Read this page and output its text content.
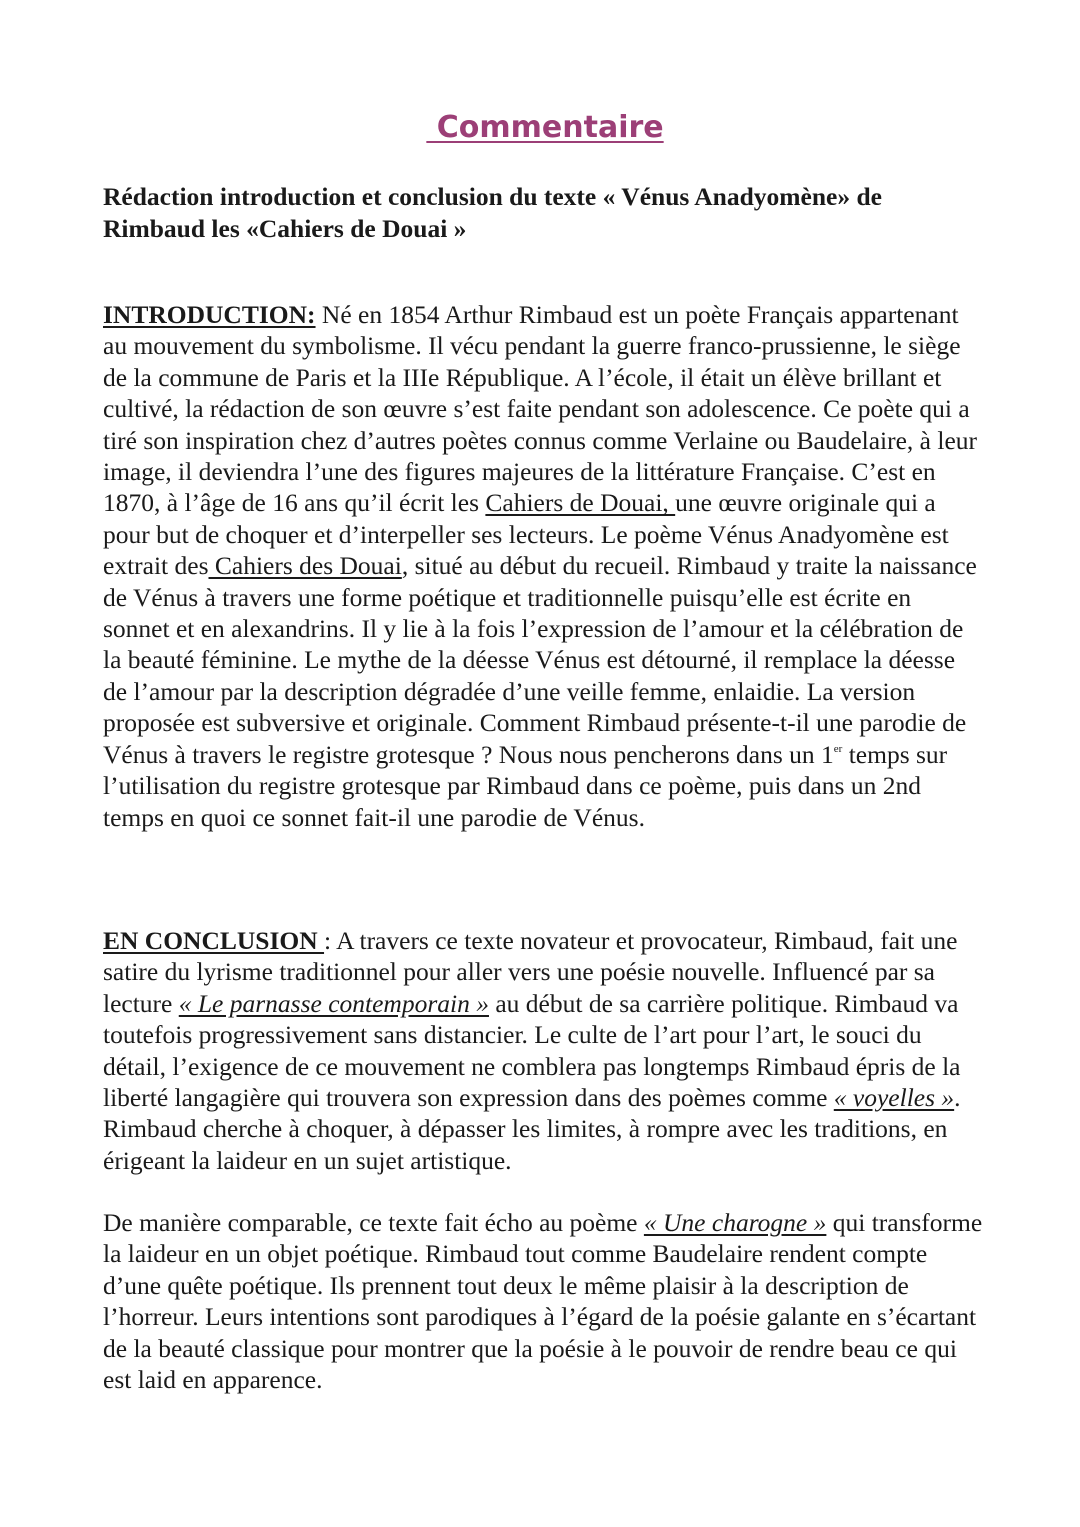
Commentaire

Rédaction introduction et conclusion du texte « Vénus Anadyomène» de Rimbaud les «Cahiers de Douai »

INTRODUCTION: Né en 1854 Arthur Rimbaud est un poète Français appartenant au mouvement du symbolisme. Il vécu pendant la guerre franco-prussienne, le siège de la commune de Paris et la IIIe République. A l’école, il était un élève brillant et cultivé, la rédaction de son œuvre s’est faite pendant son adolescence. Ce poète qui a tiré son inspiration chez d’autres poètes connus comme Verlaine ou Baudelaire, à leur image, il deviendra l’une des figures majeures de la littérature Française. C’est en 1870, à l’âge de 16 ans qu’il écrit les Cahiers de Douai, une œuvre originale qui a pour but de choquer et d’interpeller ses lecteurs. Le poème Vénus Anadyomène est extrait des Cahiers des Douai, situé au début du recueil. Rimbaud y traite la naissance de Vénus à travers une forme poétique et traditionnelle puisqu’elle est écrite en sonnet et en alexandrins. Il y lie à la fois l’expression de l’amour et la célébration de la beauté féminine. Le mythe de la déesse Vénus est détourné, il remplace la déesse de l’amour par la description dégradée d’une veille femme, enlaidie. La version proposée est subversive et originale. Comment Rimbaud présente-t-il une parodie de Vénus à travers le registre grotesque ? Nous nous pencherons dans un 1er temps sur l’utilisation du registre grotesque par Rimbaud dans ce poème, puis dans un 2nd temps en quoi ce sonnet fait-il une parodie de Vénus.

EN CONCLUSION : A travers ce texte novateur et provocateur, Rimbaud, fait une satire du lyrisme traditionnel pour aller vers une poésie nouvelle. Influencé par sa lecture « Le parnasse contemporain » au début de sa carrière politique. Rimbaud va toutefois progressivement sans distancier. Le culte de l’art pour l’art, le souci du détail, l’exigence de ce mouvement ne comblera pas longtemps Rimbaud épris de la liberté langagière qui trouvera son expression dans des poèmes comme « voyelles ». Rimbaud cherche à choquer, à dépasser les limites, à rompre avec les traditions, en érigeant la laideur en un sujet artistique.

De manière comparable, ce texte fait écho au poème « Une charogne » qui transforme la laideur en un objet poétique. Rimbaud tout comme Baudelaire rendent compte d’une quête poétique. Ils prennent tout deux le même plaisir à la description de l’horreur. Leurs intentions sont parodiques à l’égard de la poésie galante en s’écartant de la beauté classique pour montrer que la poésie à le pouvoir de rendre beau ce qui est laid en apparence.
